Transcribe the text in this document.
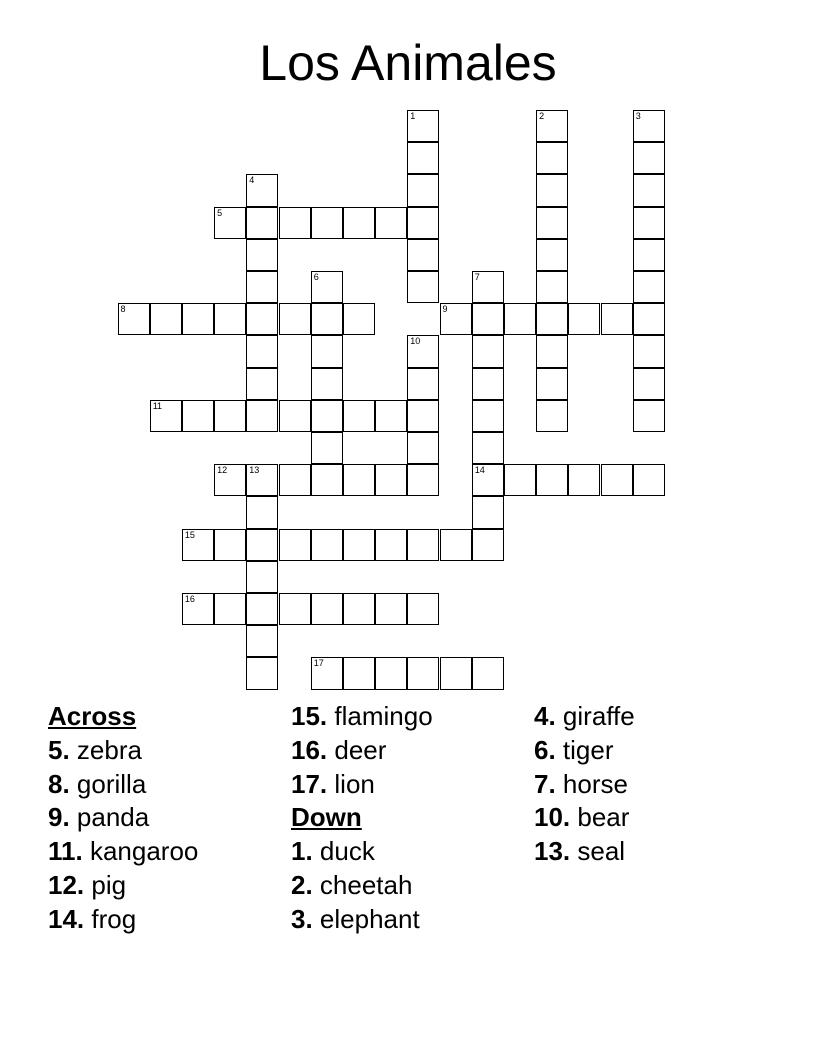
Los Animales
1	2	3
4
5
6	7
14
8	9
10
11
12 13
15
16
17
Across
5. zebra
8. gorilla
9. panda
11. kangaroo
12. pig
14. frog
15. flamingo
16. deer
17. lion
Down
1. duck
2. cheetah
3. elephant
4. giraffe
6. tiger
7. horse
10. bear
13. seal
